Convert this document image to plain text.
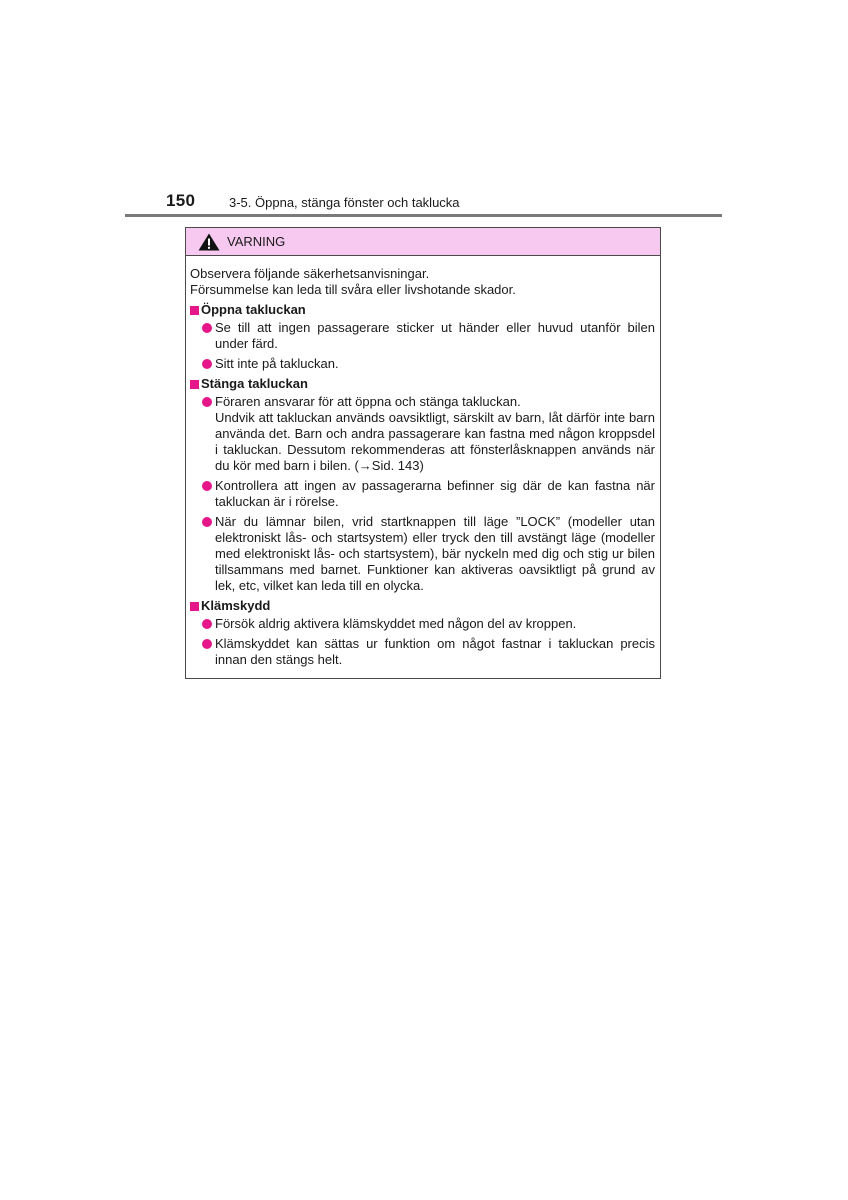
150	3-5. Öppna, stänga fönster och taklucka
VARNING

Observera följande säkerhetsanvisningar.

Försummelse kan leda till svåra eller livshotande skador.

Öppna takluckan
Se till att ingen passagerare sticker ut händer eller huvud utanför bilen under färd.
Sitt inte på takluckan.
Stänga takluckan
Föraren ansvarar för att öppna och stänga takluckan.
Undvik att takluckan används oavsiktligt, särskilt av barn, låt därför inte barn använda det. Barn och andra passagerare kan fastna med någon kroppsdel i takluckan. Dessutom rekommenderas att fönsterlåsknappen används när du kör med barn i bilen. (→Sid. 143)
Kontrollera att ingen av passagerarna befinner sig där de kan fastna när takluckan är i rörelse.
När du lämnar bilen, vrid startknappen till läge ”LOCK” (modeller utan elektroniskt lås- och startsystem) eller tryck den till avstängt läge (modeller med elektroniskt lås- och startsystem), bär nyckeln med dig och stig ur bilen tillsammans med barnet. Funktioner kan aktiveras oavsiktligt på grund av lek, etc, vilket kan leda till en olycka.
Klämskydd
Försök aldrig aktivera klämskyddet med någon del av kroppen.
Klämskyddet kan sättas ur funktion om något fastnar i takluckan precis innan den stängs helt.
